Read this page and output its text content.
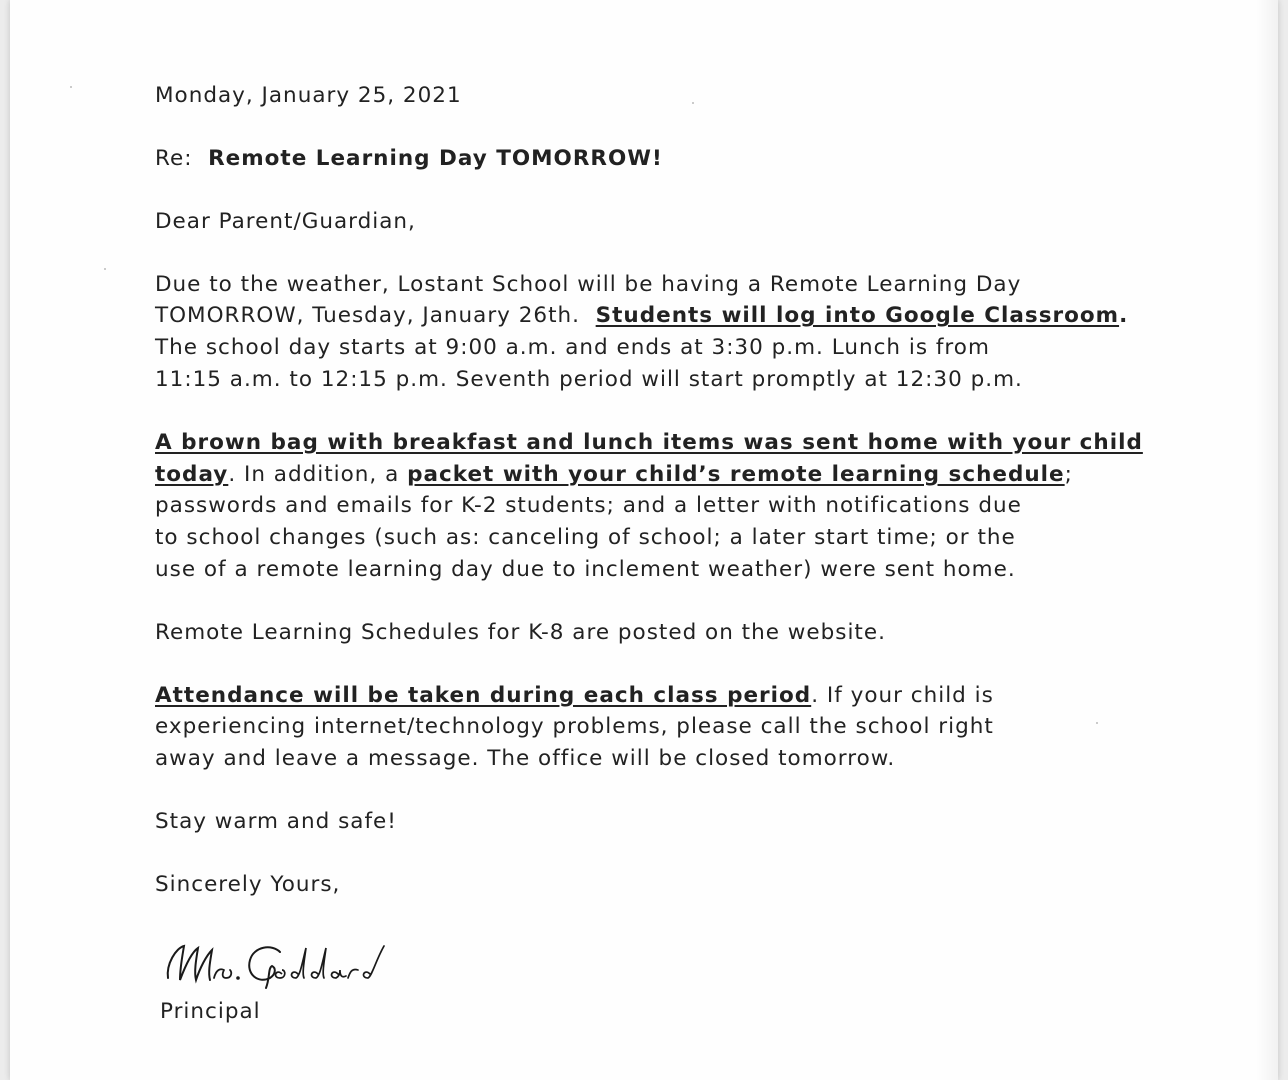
Monday, January 25, 2021

Re: Remote Learning Day TOMORROW!

Dear Parent/Guardian,

Due to the weather, Lostant School will be having a Remote Learning Day
TOMORROW, Tuesday, January 26th. Students will log into Google Classroom.
The school day starts at 9:00 a.m. and ends at 3:30 p.m. Lunch is from
11:15 a.m. to 12:15 p.m. Seventh period will start promptly at 12:30 p.m.

A brown bag with breakfast and lunch items was sent home with your child
today. In addition, a packet with your child’s remote learning schedule;
passwords and emails for K-2 students; and a letter with notifications due
to school changes (such as: canceling of school; a later start time; or the
use of a remote learning day due to inclement weather) were sent home.

Remote Learning Schedules for K-8 are posted on the website.

Attendance will be taken during each class period. If your child is
experiencing internet/technology problems, please call the school right
away and leave a message. The office will be closed tomorrow.

Stay warm and safe!

Sincerely Yours,

Principal
